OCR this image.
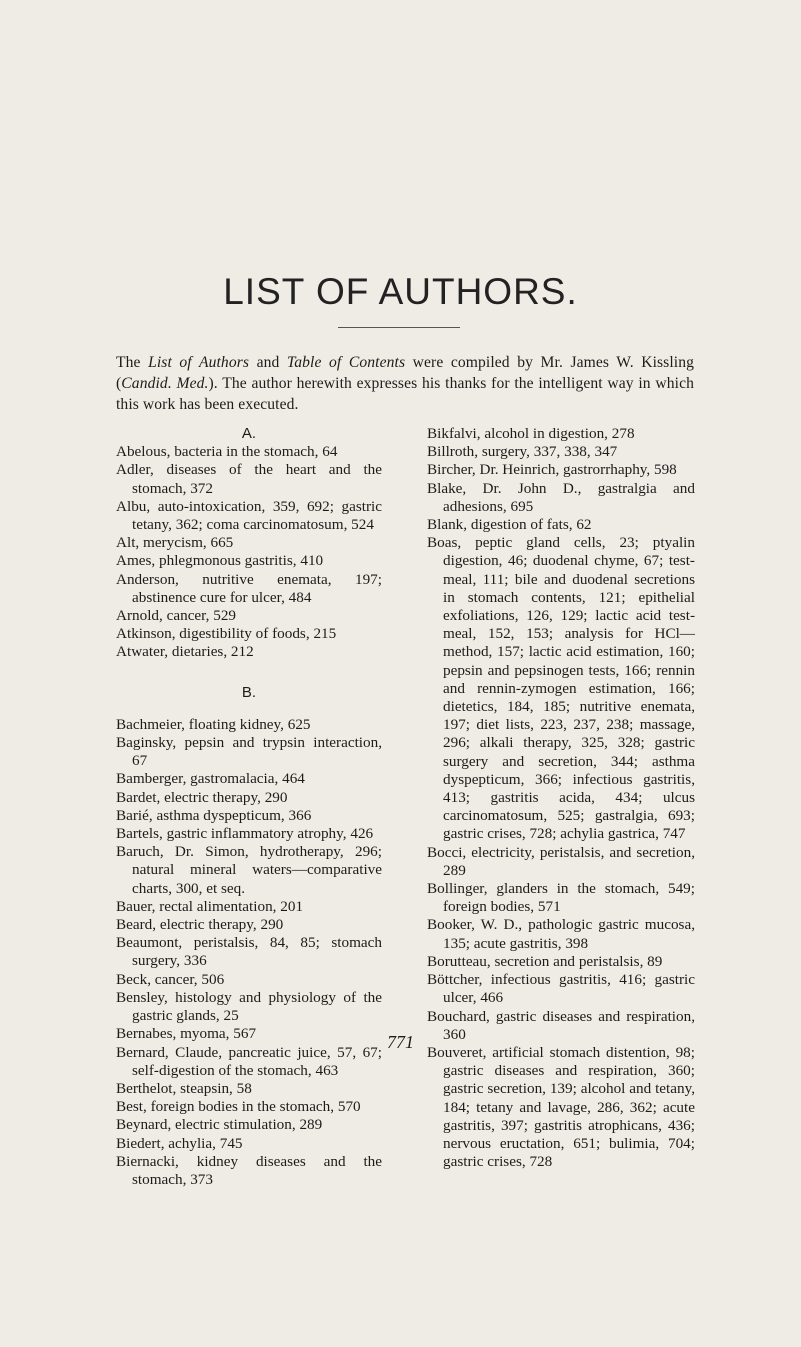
LIST OF AUTHORS.

The List of Authors and Table of Contents were compiled by Mr. James W. Kissling (Candid. Med.). The author herewith expresses his thanks for the intelligent way in which this work has been executed.

A.

Abelous, bacteria in the stomach, 64

Adler, diseases of the heart and the stomach, 372

Albu, auto-intoxication, 359, 692; gastric tetany, 362; coma carcinomatosum, 524

Alt, merycism, 665

Ames, phlegmonous gastritis, 410

Anderson, nutritive enemata, 197; abstinence cure for ulcer, 484

Arnold, cancer, 529

Atkinson, digestibility of foods, 215

Atwater, dietaries, 212

B.

Bachmeier, floating kidney, 625

Baginsky, pepsin and trypsin interaction, 67

Bamberger, gastromalacia, 464

Bardet, electric therapy, 290

Barié, asthma dyspepticum, 366

Bartels, gastric inflammatory atrophy, 426

Baruch, Dr. Simon, hydrotherapy, 296; natural mineral waters—comparative charts, 300, et seq.

Bauer, rectal alimentation, 201

Beard, electric therapy, 290

Beaumont, peristalsis, 84, 85; stomach surgery, 336

Beck, cancer, 506

Bensley, histology and physiology of the gastric glands, 25

Bernabes, myoma, 567

Bernard, Claude, pancreatic juice, 57, 67; self-digestion of the stomach, 463

Berthelot, steapsin, 58

Best, foreign bodies in the stomach, 570

Beynard, electric stimulation, 289

Biedert, achylia, 745

Biernacki, kidney diseases and the stomach, 373

Bikfalvi, alcohol in digestion, 278

Billroth, surgery, 337, 338, 347

Bircher, Dr. Heinrich, gastrorrhaphy, 598

Blake, Dr. John D., gastralgia and adhesions, 695

Blank, digestion of fats, 62

Boas, peptic gland cells, 23; ptyalin digestion, 46; duodenal chyme, 67; test-meal, 111; bile and duodenal secretions in stomach contents, 121; epithelial exfoliations, 126, 129; lactic acid test-meal, 152, 153; analysis for HCl—method, 157; lactic acid estimation, 160; pepsin and pepsinogen tests, 166; rennin and rennin-zymogen estimation, 166; dietetics, 184, 185; nutritive enemata, 197; diet lists, 223, 237, 238; massage, 296; alkali therapy, 325, 328; gastric surgery and secretion, 344; asthma dyspepticum, 366; infectious gastritis, 413; gastritis acida, 434; ulcus carcinomatosum, 525; gastralgia, 693; gastric crises, 728; achylia gastrica, 747

Bocci, electricity, peristalsis, and secretion, 289

Bollinger, glanders in the stomach, 549; foreign bodies, 571

Booker, W. D., pathologic gastric mucosa, 135; acute gastritis, 398

Borutteau, secretion and peristalsis, 89

Böttcher, infectious gastritis, 416; gastric ulcer, 466

Bouchard, gastric diseases and respiration, 360

Bouveret, artificial stomach distention, 98; gastric diseases and respiration, 360; gastric secretion, 139; alcohol and tetany, 184; tetany and lavage, 286, 362; acute gastritis, 397; gastritis atrophicans, 436; nervous eructation, 651; bulimia, 704; gastric crises, 728

771
